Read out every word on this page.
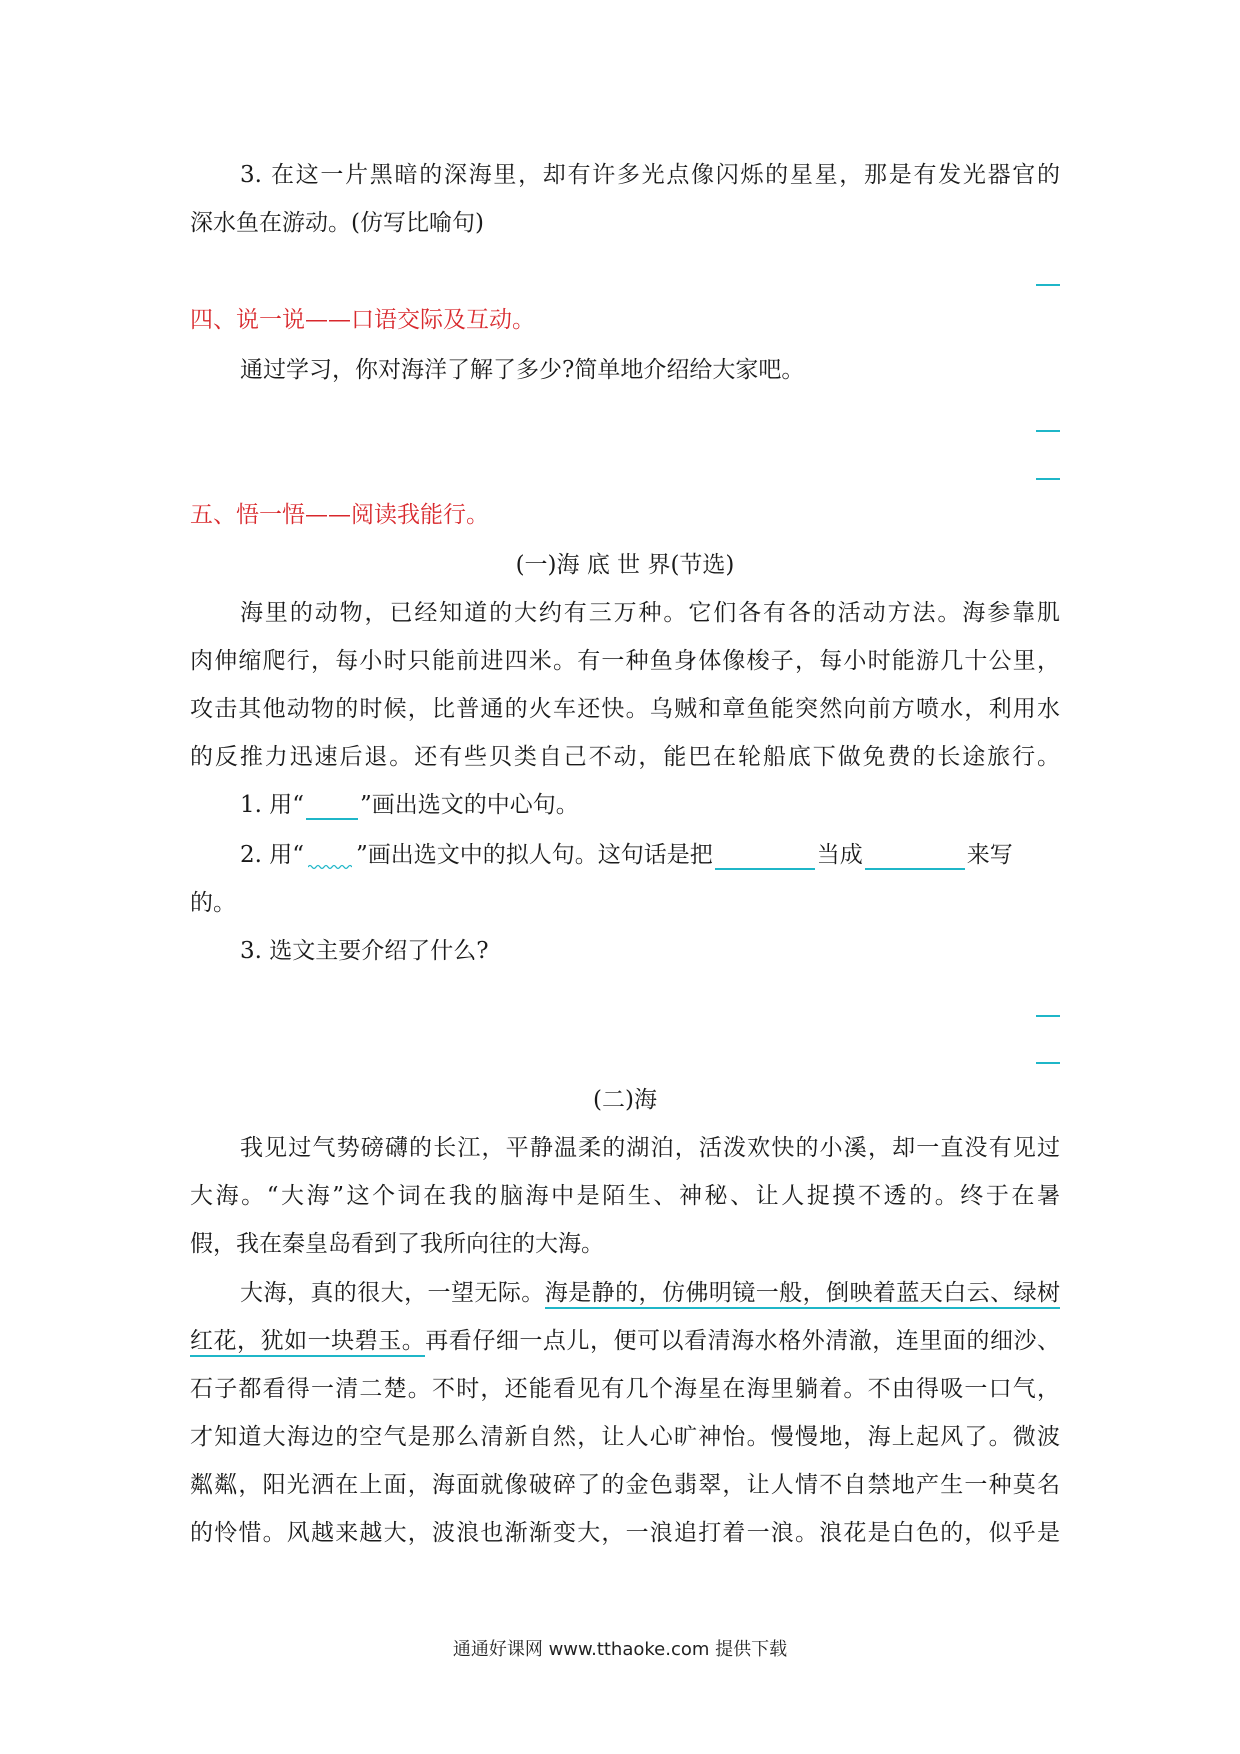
3. 在这一片黑暗的深海里，却有许多光点像闪烁的星星，那是有发光器官的
深水鱼在游动。(仿写比喻句)
四、说一说——口语交际及互动。
通过学习，你对海洋了解了多少?简单地介绍给大家吧。
五、悟一悟——阅读我能行。
(一)海 底 世 界(节选)
海里的动物，已经知道的大约有三万种。它们各有各的活动方法。海参靠肌
肉伸缩爬行，每小时只能前进四米。有一种鱼身体像梭子，每小时能游几十公里，
攻击其他动物的时候，比普通的火车还快。乌贼和章鱼能突然向前方喷水，利用水
的反推力迅速后退。还有些贝类自己不动，能巴在轮船底下做免费的长途旅行。
1. 用“ ”画出选文的中心句。
2. 用“ ”画出选文中的拟人句。这句话是把	当成	来写
的。
3. 选文主要介绍了什么?
(二)海
我见过气势磅礴的长江，平静温柔的湖泊，活泼欢快的小溪，却一直没有见过
大海。“大海”这个词在我的脑海中是陌生、神秘、让人捉摸不透的。终于在暑
假，我在秦皇岛看到了我所向往的大海。
大海，真的很大，一望无际。海是静的，仿佛明镜一般，倒映着蓝天白云、绿树
红花，犹如一块碧玉。再看仔细一点儿，便可以看清海水格外清澈，连里面的细沙、
石子都看得一清二楚。不时，还能看见有几个海星在海里躺着。不由得吸一口气，
才知道大海边的空气是那么清新自然，让人心旷神怡。慢慢地，海上起风了。微波
粼粼，阳光洒在上面，海面就像破碎了的金色翡翠，让人情不自禁地产生一种莫名
的怜惜。风越来越大，波浪也渐渐变大，一浪追打着一浪。浪花是白色的，似乎是
通通好课网 www.tthaoke.com 提供下载
